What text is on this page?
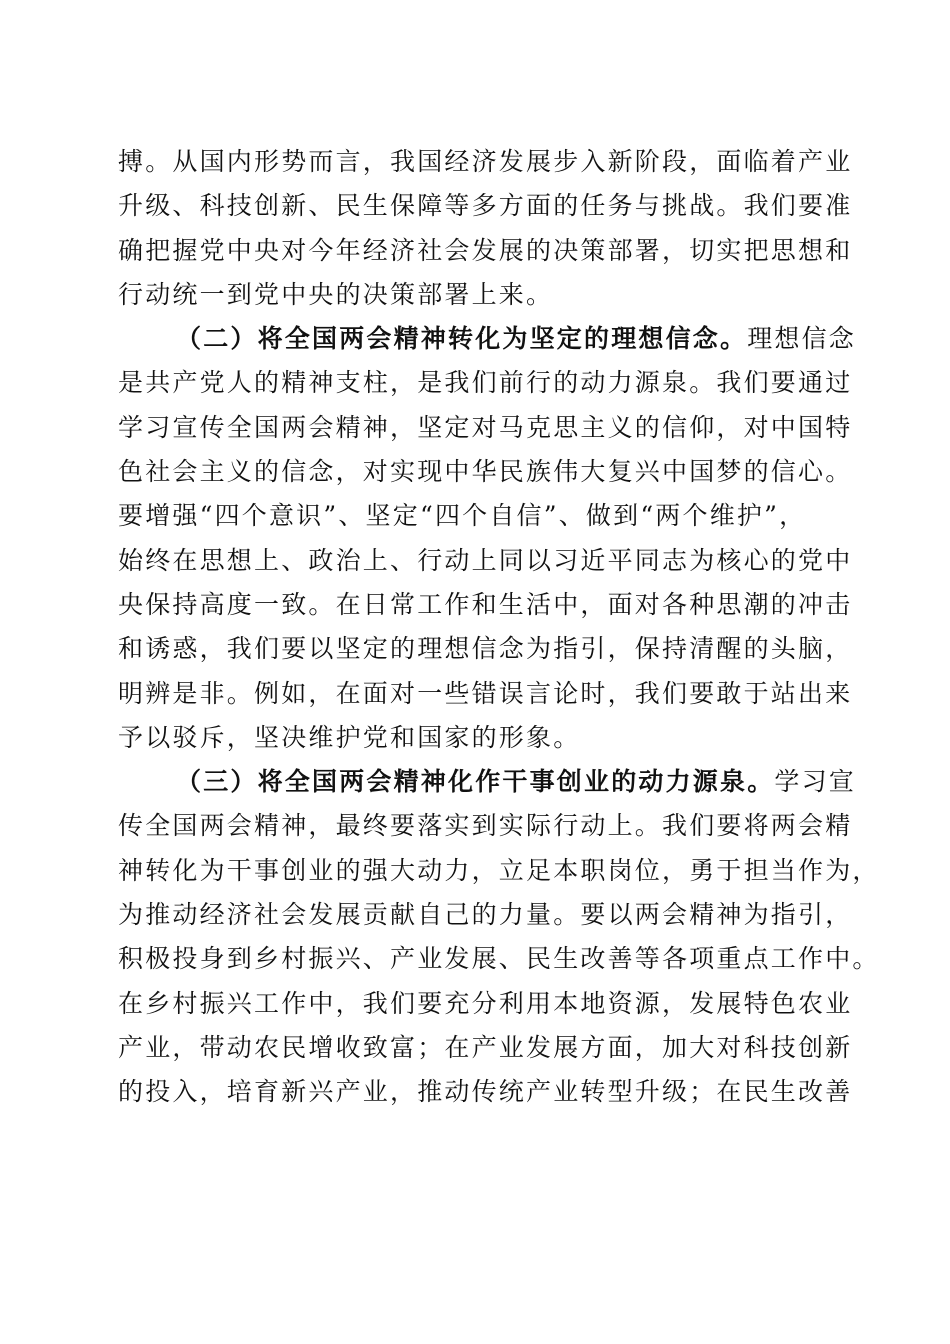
搏。从国内形势而言，我国经济发展步入新阶段，面临着产业
升级、科技创新、民生保障等多方面的任务与挑战。我们要准
确把握党中央对今年经济社会发展的决策部署，切实把思想和
行动统一到党中央的决策部署上来。
（二）将全国两会精神转化为坚定的理想信念。理想信念
是共产党人的精神支柱，是我们前行的动力源泉。我们要通过
学习宣传全国两会精神，坚定对马克思主义的信仰，对中国特
色社会主义的信念，对实现中华民族伟大复兴中国梦的信心。
要增强“四个意识”、坚定“四个自信”、做到“两个维护”，
始终在思想上、政治上、行动上同以习近平同志为核心的党中
央保持高度一致。在日常工作和生活中，面对各种思潮的冲击
和诱惑，我们要以坚定的理想信念为指引，保持清醒的头脑，
明辨是非。例如，在面对一些错误言论时，我们要敢于站出来
予以驳斥，坚决维护党和国家的形象。
（三）将全国两会精神化作干事创业的动力源泉。学习宣
传全国两会精神，最终要落实到实际行动上。我们要将两会精
神转化为干事创业的强大动力，立足本职岗位，勇于担当作为，
为推动经济社会发展贡献自己的力量。要以两会精神为指引，
积极投身到乡村振兴、产业发展、民生改善等各项重点工作中。
在乡村振兴工作中，我们要充分利用本地资源，发展特色农业
产业，带动农民增收致富；在产业发展方面，加大对科技创新
的投入，培育新兴产业，推动传统产业转型升级；在民生改善
